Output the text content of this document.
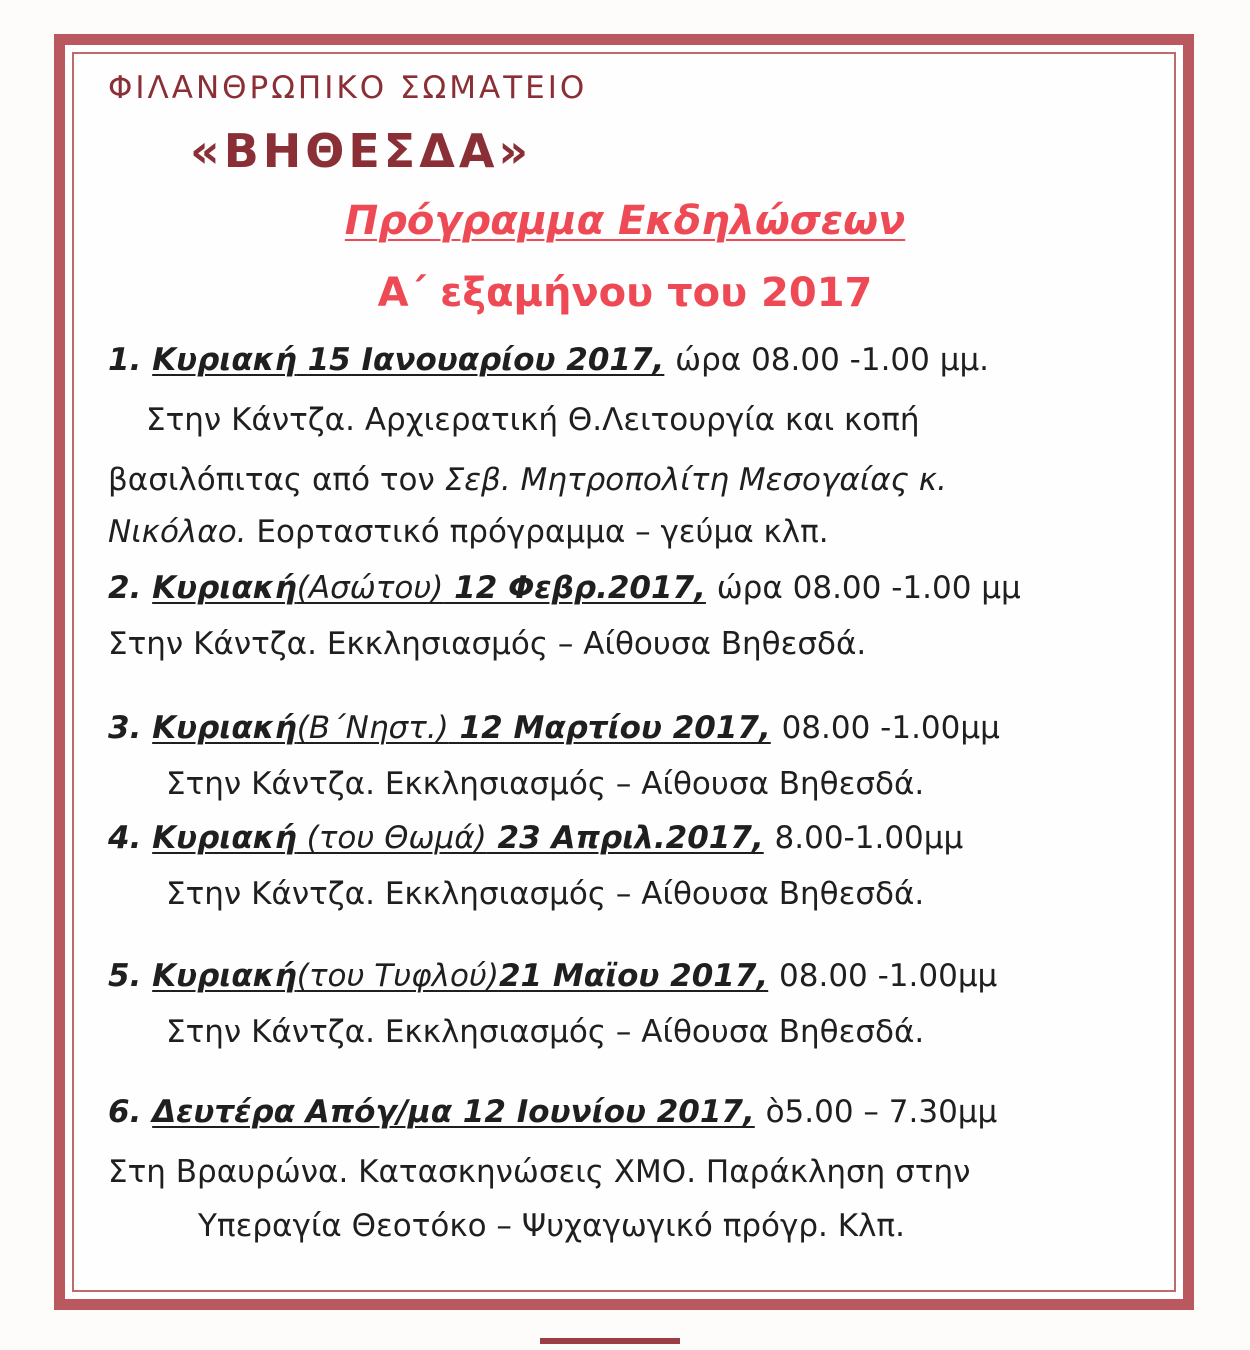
ΦΙΛΑΝΘΡΩΠΙΚΟ ΣΩΜΑΤΕΙΟ
«ΒΗΘΕΣΔΑ»
Πρόγραμμα Εκδηλώσεων
Α΄ εξαμήνου του 2017
1. Κυριακή 15 Ιανουαρίου 2017, ώρα 08.00 -1.00 μμ.
Στην Κάντζα. Αρχιερατική Θ.Λειτουργία και κοπή
βασιλόπιτας από τον Σεβ. Μητροπολίτη Μεσογαίας κ.
Νικόλαο. Εορταστικό πρόγραμμα – γεύμα κλπ.
2. Κυριακή(Ασώτου) 12 Φεβρ.2017, ώρα 08.00 -1.00 μμ
Στην Κάντζα. Εκκλησιασμός – Αίθουσα Βηθεσδά.
3. Κυριακή(Β΄Νηστ.) 12 Μαρτίου 2017, 08.00 -1.00μμ
Στην Κάντζα. Εκκλησιασμός – Αίθουσα Βηθεσδά.
4. Κυριακή (του Θωμά) 23 Απριλ.2017, 8.00-1.00μμ
Στην Κάντζα. Εκκλησιασμός – Αίθουσα Βηθεσδά.
5. Κυριακή(του Τυφλού)21 Μαϊου 2017, 08.00 -1.00μμ
Στην Κάντζα. Εκκλησιασμός – Αίθουσα Βηθεσδά.
6. Δευτέρα Απόγ/μα 12 Ιουνίου 2017, ὸ5.00 – 7.30μμ
Στη Βραυρώνα. Κατασκηνώσεις ΧΜΟ. Παράκληση στην
Υπεραγία Θεοτόκο – Ψυχαγωγικό πρόγρ. Κλπ.
